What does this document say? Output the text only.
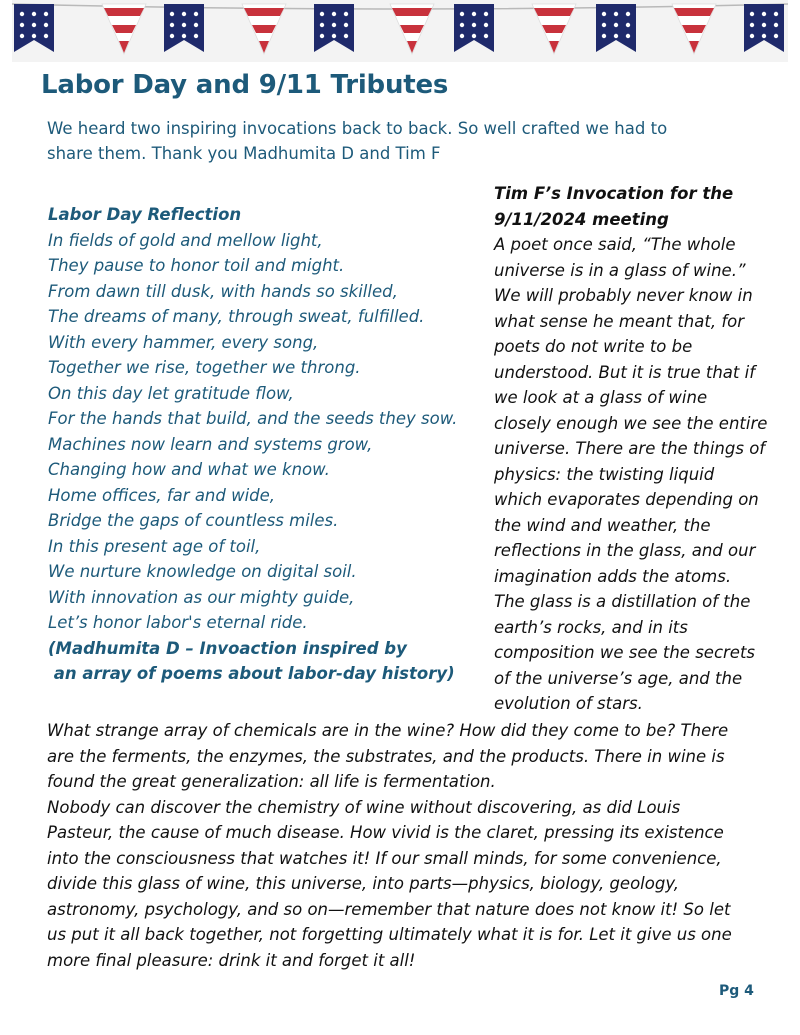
Labor Day and 9/11 Tributes

We heard two inspiring invocations back to back. So well crafted we had to
share them. Thank you Madhumita D and Tim F

Labor Day Reflection
In fields of gold and mellow light,
They pause to honor toil and might.
From dawn till dusk, with hands so skilled,
The dreams of many, through sweat, fulfilled.
With every hammer, every song,
Together we rise, together we throng.
On this day let gratitude flow,
For the hands that build, and the seeds they sow.
Machines now learn and systems grow,
Changing how and what we know.
Home offices, far and wide,
Bridge the gaps of countless miles.
In this present age of toil,
We nurture knowledge on digital soil.
With innovation as our mighty guide,
Let’s honor labor's eternal ride.
(Madhumita D – Invoaction inspired by
an array of poems about labor-day history)
Tim F’s Invocation for the
9/11/2024 meeting
A poet once said, “The whole
universe is in a glass of wine.”
We will probably never know in
what sense he meant that, for
poets do not write to be
understood. But it is true that if
we look at a glass of wine
closely enough we see the entire
universe. There are the things of
physics: the twisting liquid
which evaporates depending on
the wind and weather, the
reflections in the glass, and our
imagination adds the atoms.
The glass is a distillation of the
earth’s rocks, and in its
composition we see the secrets
of the universe’s age, and the
evolution of stars.
What strange array of chemicals are in the wine? How did they come to be? There
are the ferments, the enzymes, the substrates, and the products. There in wine is
found the great generalization: all life is fermentation.
Nobody can discover the chemistry of wine without discovering, as did Louis
Pasteur, the cause of much disease. How vivid is the claret, pressing its existence
into the consciousness that watches it! If our small minds, for some convenience,
divide this glass of wine, this universe, into parts—physics, biology, geology,
astronomy, psychology, and so on—remember that nature does not know it! So let
us put it all back together, not forgetting ultimately what it is for. Let it give us one
more final pleasure: drink it and forget it all!
Pg 4
